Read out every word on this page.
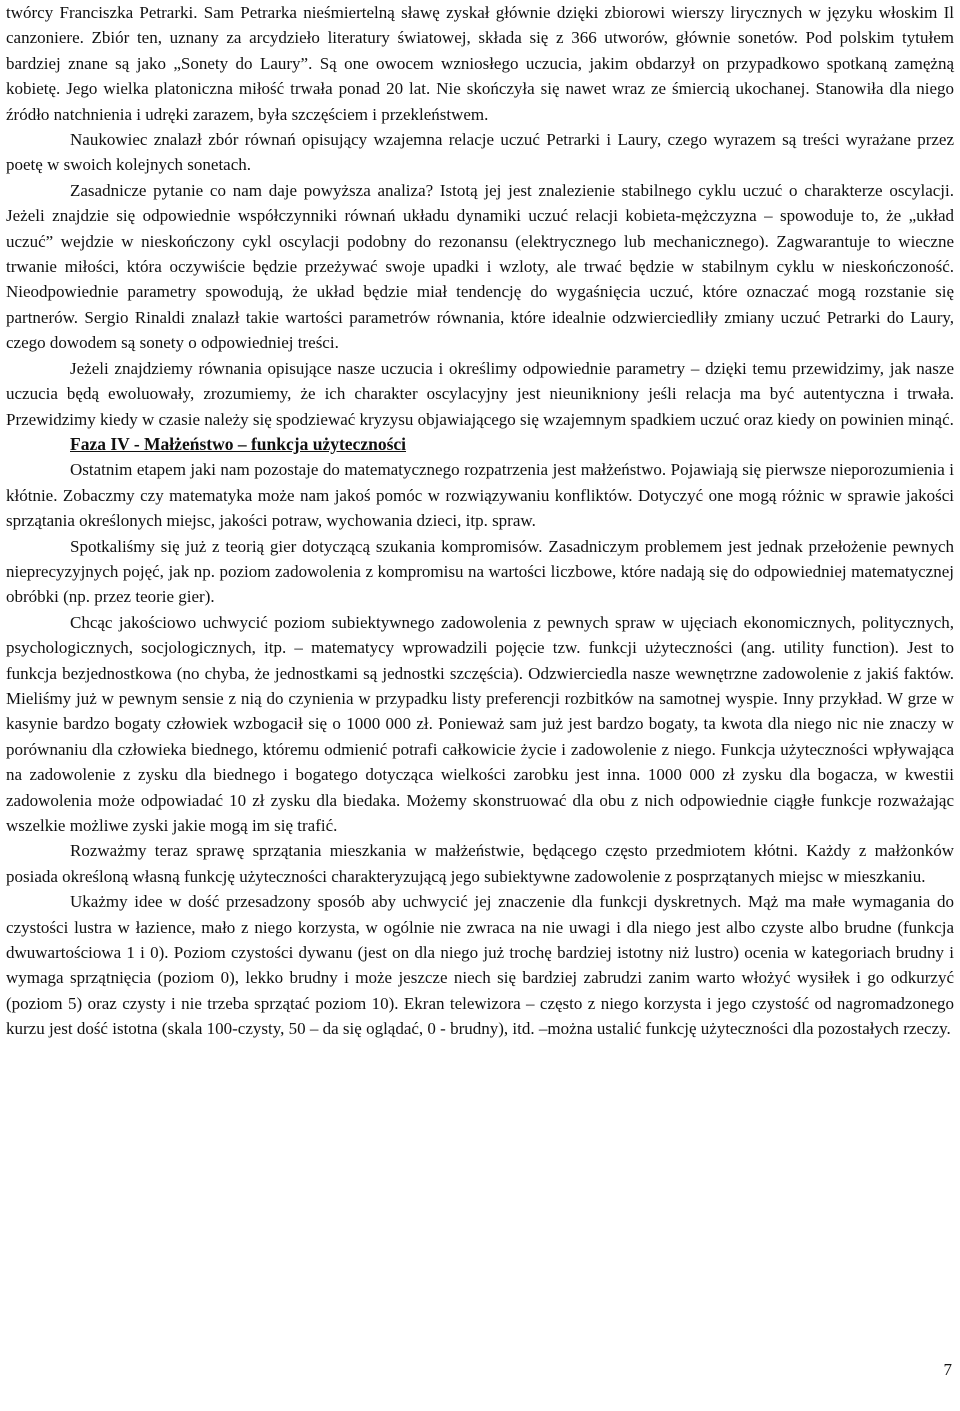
twórcy Franciszka Petrarki. Sam Petrarka nieśmiertelną sławę zyskał głównie dzięki zbiorowi wierszy lirycznych w języku włoskim Il canzoniere. Zbiór ten, uznany za arcydzieło literatury światowej, składa się z 366 utworów, głównie sonetów. Pod polskim tytułem bardziej znane są jako „Sonety do Laury”. Są one owocem wzniosłego uczucia, jakim obdarzył on przypadkowo spotkaną zamężną kobietę. Jego wielka platoniczna miłość trwała ponad 20 lat. Nie skończyła się nawet wraz ze śmiercią ukochanej. Stanowiła dla niego źródło natchnienia i udręki zarazem, była szczęściem i przekleństwem.

Naukowiec znalazł zbór równań opisujący wzajemna relacje uczuć Petrarki i Laury, czego wyrazem są treści wyrażane przez poetę w swoich kolejnych sonetach.

Zasadnicze pytanie co nam daje powyższa analiza? Istotą jej jest znalezienie stabilnego cyklu uczuć o charakterze oscylacji. Jeżeli znajdzie się odpowiednie współczynniki równań układu dynamiki uczuć relacji kobieta-mężczyzna – spowoduje to, że „układ uczuć” wejdzie w nieskończony cykl oscylacji podobny do rezonansu (elektrycznego lub mechanicznego). Zagwarantuje to wieczne trwanie miłości, która oczywiście będzie przeżywać swoje upadki i wzloty, ale trwać będzie w stabilnym cyklu w nieskończoność. Nieodpowiednie parametry spowodują, że układ będzie miał tendencję do wygaśnięcia uczuć, które oznaczać mogą rozstanie się partnerów. Sergio Rinaldi znalazł takie wartości parametrów równania, które idealnie odzwierciedliły zmiany uczuć Petrarki do Laury, czego dowodem są sonety o odpowiedniej treści.

Jeżeli znajdziemy równania opisujące nasze uczucia i określimy odpowiednie parametry – dzięki temu przewidzimy, jak nasze uczucia będą ewoluowały, zrozumiemy, że ich charakter oscylacyjny jest nieunikniony jeśli relacja ma być autentyczna i trwała. Przewidzimy kiedy w czasie należy się spodziewać kryzysu objawiającego się wzajemnym spadkiem uczuć oraz kiedy on powinien minąć.

Faza IV - Małżeństwo – funkcja użyteczności

Ostatnim etapem jaki nam pozostaje do matematycznego rozpatrzenia jest małżeństwo. Pojawiają się pierwsze nieporozumienia i kłótnie. Zobaczmy czy matematyka może nam jakoś pomóc w rozwiązywaniu konfliktów. Dotyczyć one mogą różnic w sprawie jakości sprzątania określonych miejsc, jakości potraw, wychowania dzieci, itp. spraw.

Spotkaliśmy się już z teorią gier dotyczącą szukania kompromisów. Zasadniczym problemem jest jednak przełożenie pewnych nieprecyzyjnych pojęć, jak np. poziom zadowolenia z kompromisu na wartości liczbowe, które nadają się do odpowiedniej matematycznej obróbki (np. przez teorie gier).

Chcąc jakościowo uchwycić poziom subiektywnego zadowolenia z pewnych spraw w ujęciach ekonomicznych, politycznych, psychologicznych, socjologicznych, itp. – matematycy wprowadzili pojęcie tzw. funkcji użyteczności (ang. utility function). Jest to funkcja bezjednostkowa (no chyba, że jednostkami są jednostki szczęścia). Odzwierciedla nasze wewnętrzne zadowolenie z jakiś faktów. Mieliśmy już w pewnym sensie z nią do czynienia w przypadku listy preferencji rozbitków na samotnej wyspie. Inny przykład. W grze w kasynie bardzo bogaty człowiek wzbogacił się o 1000 000 zł. Ponieważ sam już jest bardzo bogaty, ta kwota dla niego nic nie znaczy w porównaniu dla człowieka biednego, któremu odmienić potrafi całkowicie życie i zadowolenie z niego. Funkcja użyteczności wpływająca na zadowolenie z zysku dla biednego i bogatego dotycząca wielkości zarobku jest inna. 1000 000 zł zysku dla bogacza, w kwestii zadowolenia może odpowiadać 10 zł zysku dla biedaka. Możemy skonstruować dla obu z nich odpowiednie ciągłe funkcje rozważając wszelkie możliwe zyski jakie mogą im się trafić.

Rozważmy teraz sprawę sprzątania mieszkania w małżeństwie, będącego często przedmiotem kłótni. Każdy z małżonków posiada określoną własną funkcję użyteczności charakteryzującą jego subiektywne zadowolenie z posprzątanych miejsc w mieszkaniu.

Ukażmy idee w dość przesadzony sposób aby uchwycić jej znaczenie dla funkcji dyskretnych. Mąż ma małe wymagania do czystości lustra w łazience, mało z niego korzysta, w ogólnie nie zwraca na nie uwagi i dla niego jest albo czyste albo brudne (funkcja dwuwartościowa 1 i 0). Poziom czystości dywanu (jest on dla niego już trochę bardziej istotny niż lustro) ocenia w kategoriach brudny i wymaga sprzątnięcia (poziom 0), lekko brudny i może jeszcze niech się bardziej zabrudzi zanim warto włożyć wysiłek i go odkurzyć (poziom 5) oraz czysty i nie trzeba sprzątać poziom 10). Ekran telewizora – często z niego korzysta i jego czystość od nagromadzonego kurzu jest dość istotna (skala 100-czysty, 50 – da się oglądać, 0 - brudny), itd. –można ustalić funkcję użyteczności dla pozostałych rzeczy.

7
